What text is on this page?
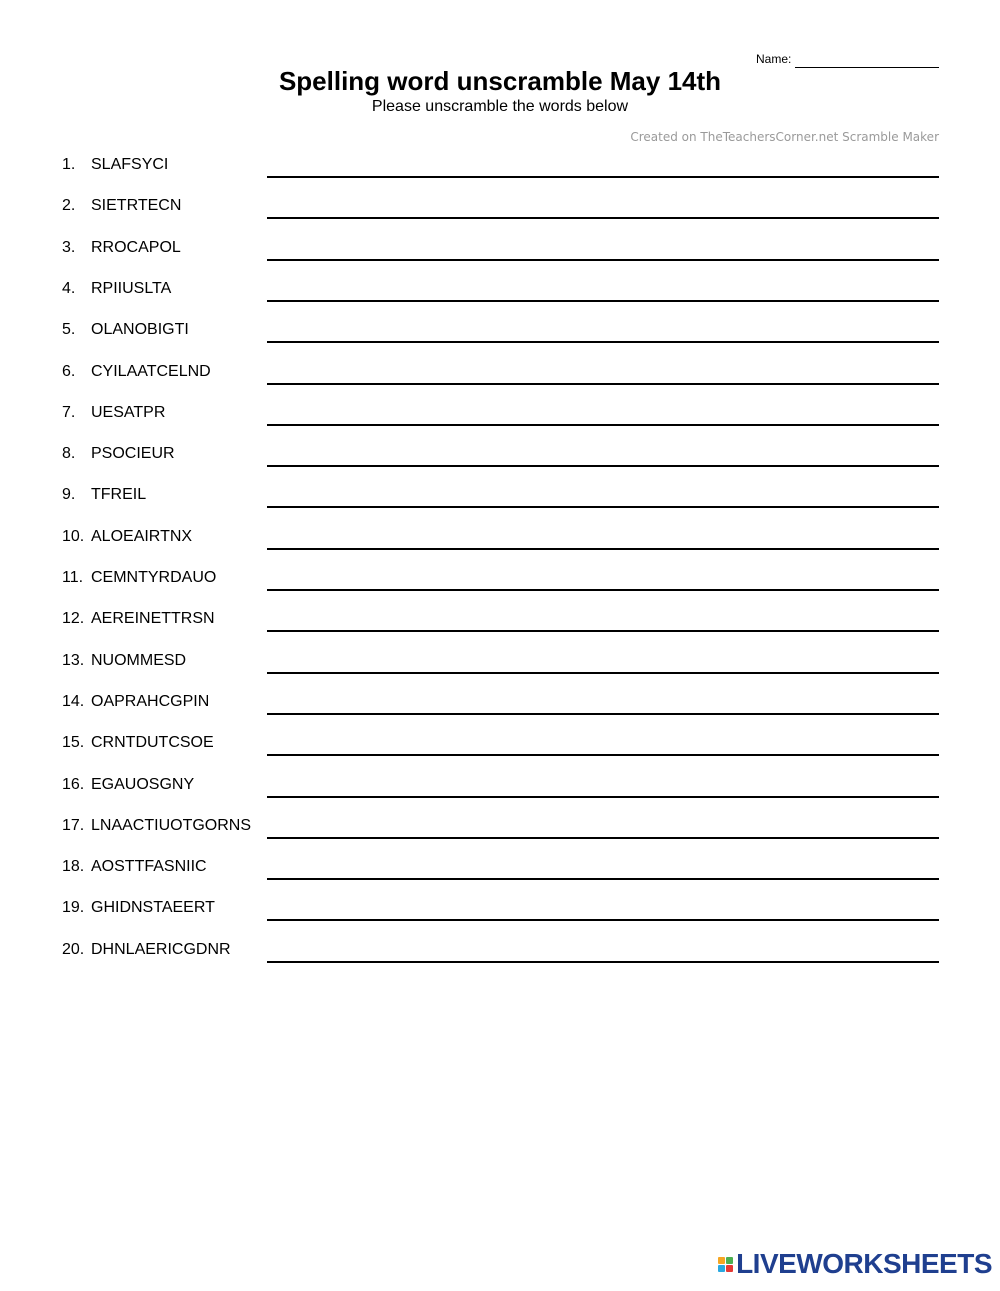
Name:
Spelling word unscramble May 14th
Please unscramble the words below
Created on TheTeachersCorner.net Scramble Maker
1. SLAFSYCI
2. SIETRTECN
3. RROCAPOL
4. RPIIUSLTA
5. OLANOBIGTI
6. CYILAATCELND
7. UESATPR
8. PSOCIEUR
9. TFREIL
10. ALOEAIRTNX
11. CEMNTYRDAUO
12. AEREINETTRSN
13. NUOMMESD
14. OAPRAHCGPIN
15. CRNTDUTCSOE
16. EGAUOSGNY
17. LNAACTIUOTGORNS
18. AOSTTFASNIIC
19. GHIDNSTAEERT
20. DHNLAERICGDNR
LIVEWORKSHEETS
